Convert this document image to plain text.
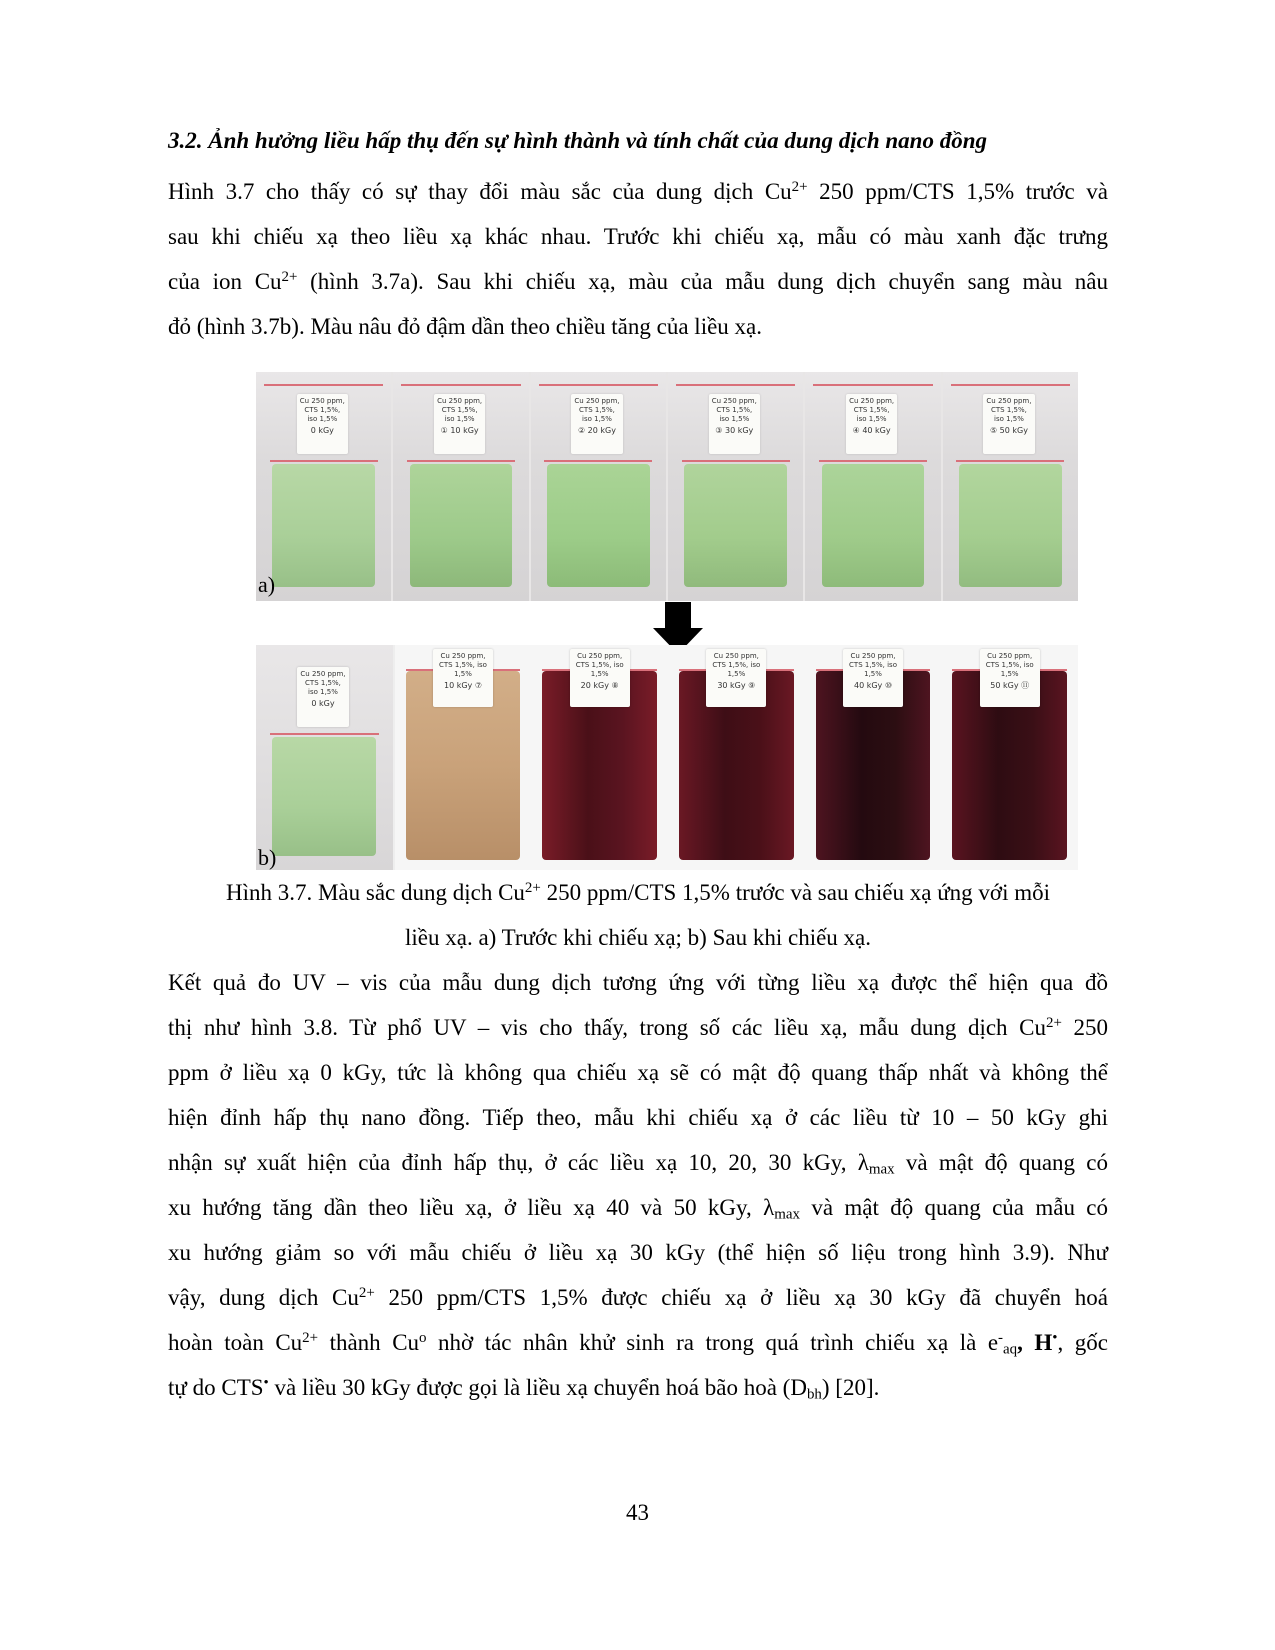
3.2. Ảnh hưởng liều hấp thụ đến sự hình thành và tính chất của dung dịch nano đồng
Hình 3.7 cho thấy có sự thay đổi màu sắc của dung dịch $Cu^{2+}$ 250 ppm/CTS 1,5% trước và
sau khi chiếu xạ theo liều xạ khác nhau. Trước khi chiếu xạ, mẫu có màu xanh đặc trưng
của ion $Cu^{2+}$ (hình 3.7a). Sau khi chiếu xạ, màu của mẫu dung dịch chuyển sang màu nâu
đỏ (hình 3.7b). Màu nâu đỏ đậm dần theo chiều tăng của liều xạ.
Cu 250 ppm, CTS 1,5%, iso 1,5%
0 kGy
Cu 250 ppm, CTS 1,5%, iso 1,5%
① 10 kGy
Cu 250 ppm, CTS 1,5%, iso 1,5%
② 20 kGy
Cu 250 ppm, CTS 1,5%, iso 1,5%
③ 30 kGy
Cu 250 ppm, CTS 1,5%, iso 1,5%
④ 40 kGy
Cu 250 ppm, CTS 1,5%, iso 1,5%
⑤ 50 kGy
a)
Cu 250 ppm, CTS 1,5%, iso 1,5%
0 kGy
Cu 250 ppm, CTS 1,5%, iso 1,5%
10 kGy ⑦
Cu 250 ppm, CTS 1,5%, iso 1,5%
20 kGy ⑧
Cu 250 ppm, CTS 1,5%, iso 1,5%
30 kGy ⑨
Cu 250 ppm, CTS 1,5%, iso 1,5%
40 kGy ⑩
Cu 250 ppm, CTS 1,5%, iso 1,5%
50 kGy ⑪
b)
Hình 3.7. Màu sắc dung dịch $Cu^{2+}$ 250 ppm/CTS 1,5% trước và sau chiếu xạ ứng với mỗi
liều xạ. a) Trước khi chiếu xạ; b) Sau khi chiếu xạ.
Kết quả đo UV – vis của mẫu dung dịch tương ứng với từng liều xạ được thể hiện qua đồ
thị như hình 3.8. Từ phổ UV – vis cho thấy, trong số các liều xạ, mẫu dung dịch $Cu^{2+}$ 250
ppm ở liều xạ 0 kGy, tức là không qua chiếu xạ sẽ có mật độ quang thấp nhất và không thể
hiện đỉnh hấp thụ nano đồng. Tiếp theo, mẫu khi chiếu xạ ở các liều từ 10 – 50 kGy ghi
nhận sự xuất hiện của đỉnh hấp thụ, ở các liều xạ 10, 20, 30 kGy, $\lambda_{max}$ và mật độ quang có
xu hướng tăng dần theo liều xạ, ở liều xạ 40 và 50 kGy, $\lambda_{max}$ và mật độ quang của mẫu có
xu hướng giảm so với mẫu chiếu ở liều xạ 30 kGy (thể hiện số liệu trong hình 3.9). Như
vậy, dung dịch $Cu^{2+}$ 250 ppm/CTS 1,5% được chiếu xạ ở liều xạ 30 kGy đã chuyển hoá
hoàn toàn $Cu^{2+}$ thành Cu$^o$ nhờ tác nhân khử sinh ra trong quá trình chiếu xạ là $e^-_{aq}$, H•, gốc
tự do CTS• và liều 30 kGy được gọi là liều xạ chuyển hoá bão hoà $(D_{bh})$ [20].
43
